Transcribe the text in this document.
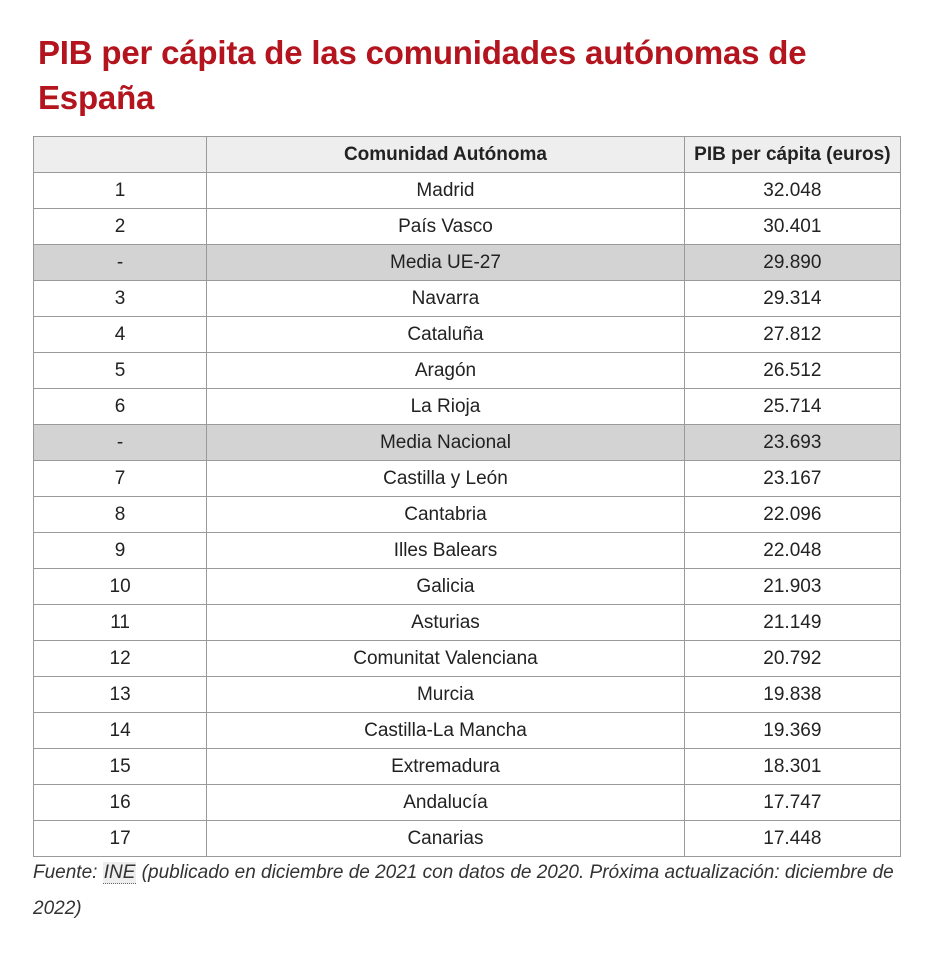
PIB per cápita de las comunidades autónomas de España
	Comunidad Autónoma	PIB per cápita (euros)
1	Madrid	32.048
2	País Vasco	30.401
-	Media UE-27	29.890
3	Navarra	29.314
4	Cataluña	27.812
5	Aragón	26.512
6	La Rioja	25.714
-	Media Nacional	23.693
7	Castilla y León	23.167
8	Cantabria	22.096
9	Illes Balears	22.048
10	Galicia	21.903
11	Asturias	21.149
12	Comunitat Valenciana	20.792
13	Murcia	19.838
14	Castilla-La Mancha	19.369
15	Extremadura	18.301
16	Andalucía	17.747
17	Canarias	17.448

Fuente: INE (publicado en diciembre de 2021 con datos de 2020. Próxima actualización: diciembre de 2022)
